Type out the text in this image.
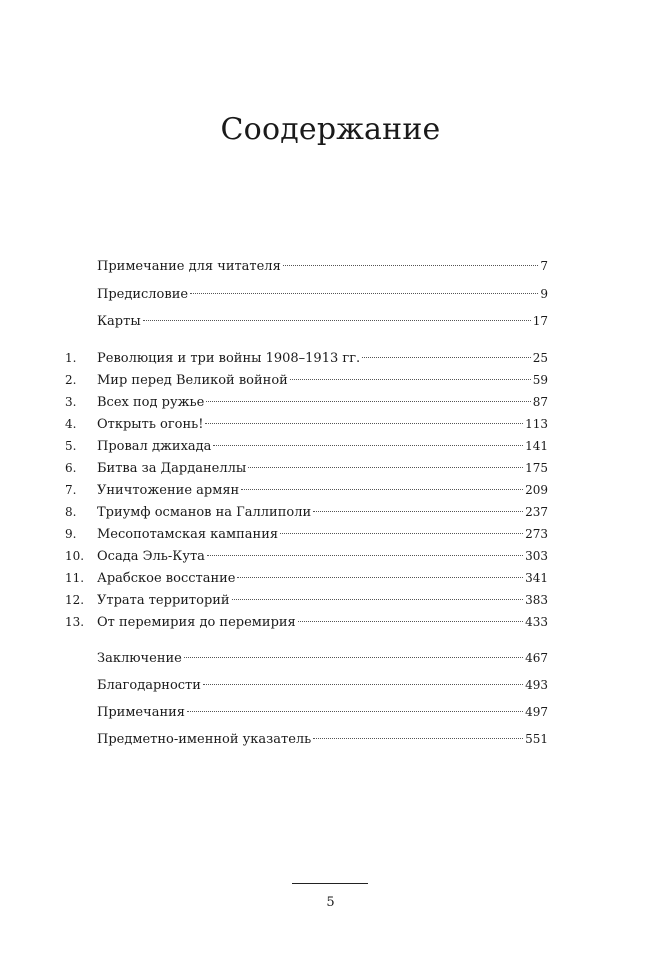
Соодержание
Примечание для читателя	7
Предисловие	9
Карты	17
1.	Революция и три войны 1908–1913 гг.	25
2.	Мир перед Великой войной	59
3.	Всех под ружье	87
4.	Открыть огонь!	113
5.	Провал джихада	141
6.	Битва за Дарданеллы	175
7.	Уничтожение армян	209
8.	Триумф османов на Галлиполи	237
9.	Месопотамская кампания	273
10. Осада Эль-Кута	303
11. Арабское восстание	341
12. Утрата территорий	383
13. От перемирия до перемирия	433
Заключение	467
Благодарности	493
Примечания	497
Предметно-именной указатель	551
5
